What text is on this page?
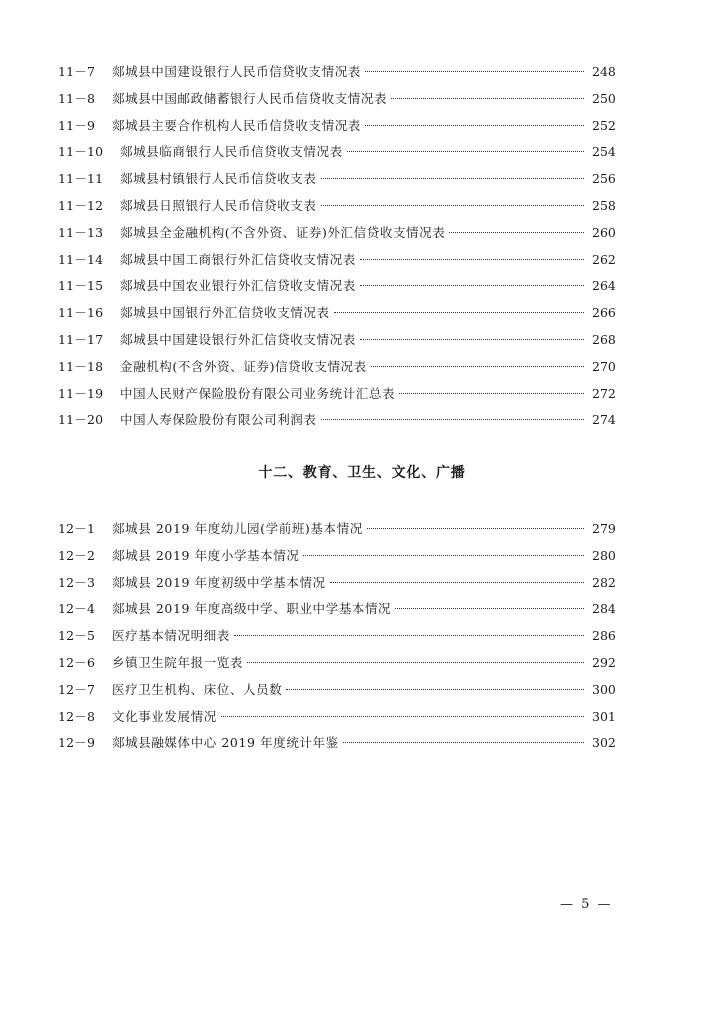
11－7	郯城县中国建设银行人民币信贷收支情况表	248
11－8	郯城县中国邮政储蓄银行人民币信贷收支情况表	250
11－9	郯城县主要合作机构人民币信贷收支情况表	252
11－10	郯城县临商银行人民币信贷收支情况表	254
11－11	郯城县村镇银行人民币信贷收支表	256
11－12	郯城县日照银行人民币信贷收支表	258
11－13	郯城县全金融机构(不含外资、证券)外汇信贷收支情况表	260
11－14	郯城县中国工商银行外汇信贷收支情况表	262
11－15	郯城县中国农业银行外汇信贷收支情况表	264
11－16	郯城县中国银行外汇信贷收支情况表	266
11－17	郯城县中国建设银行外汇信贷收支情况表	268
11－18	金融机构(不含外资、证券)信贷收支情况表	270
11－19	中国人民财产保险股份有限公司业务统计汇总表	272
11－20	中国人寿保险股份有限公司利润表	274
十二、教育、卫生、文化、广播
12－1	郯城县 2019 年度幼儿园(学前班)基本情况	279
12－2	郯城县 2019 年度小学基本情况	280
12－3	郯城县 2019 年度初级中学基本情况	282
12－4	郯城县 2019 年度高级中学、职业中学基本情况	284
12－5	医疗基本情况明细表	286
12－6	乡镇卫生院年报一览表	292
12－7	医疗卫生机构、床位、人员数	300
12－8	文化事业发展情况	301
12－9	郯城县融媒体中心 2019 年度统计年鉴	302
— 5 —
